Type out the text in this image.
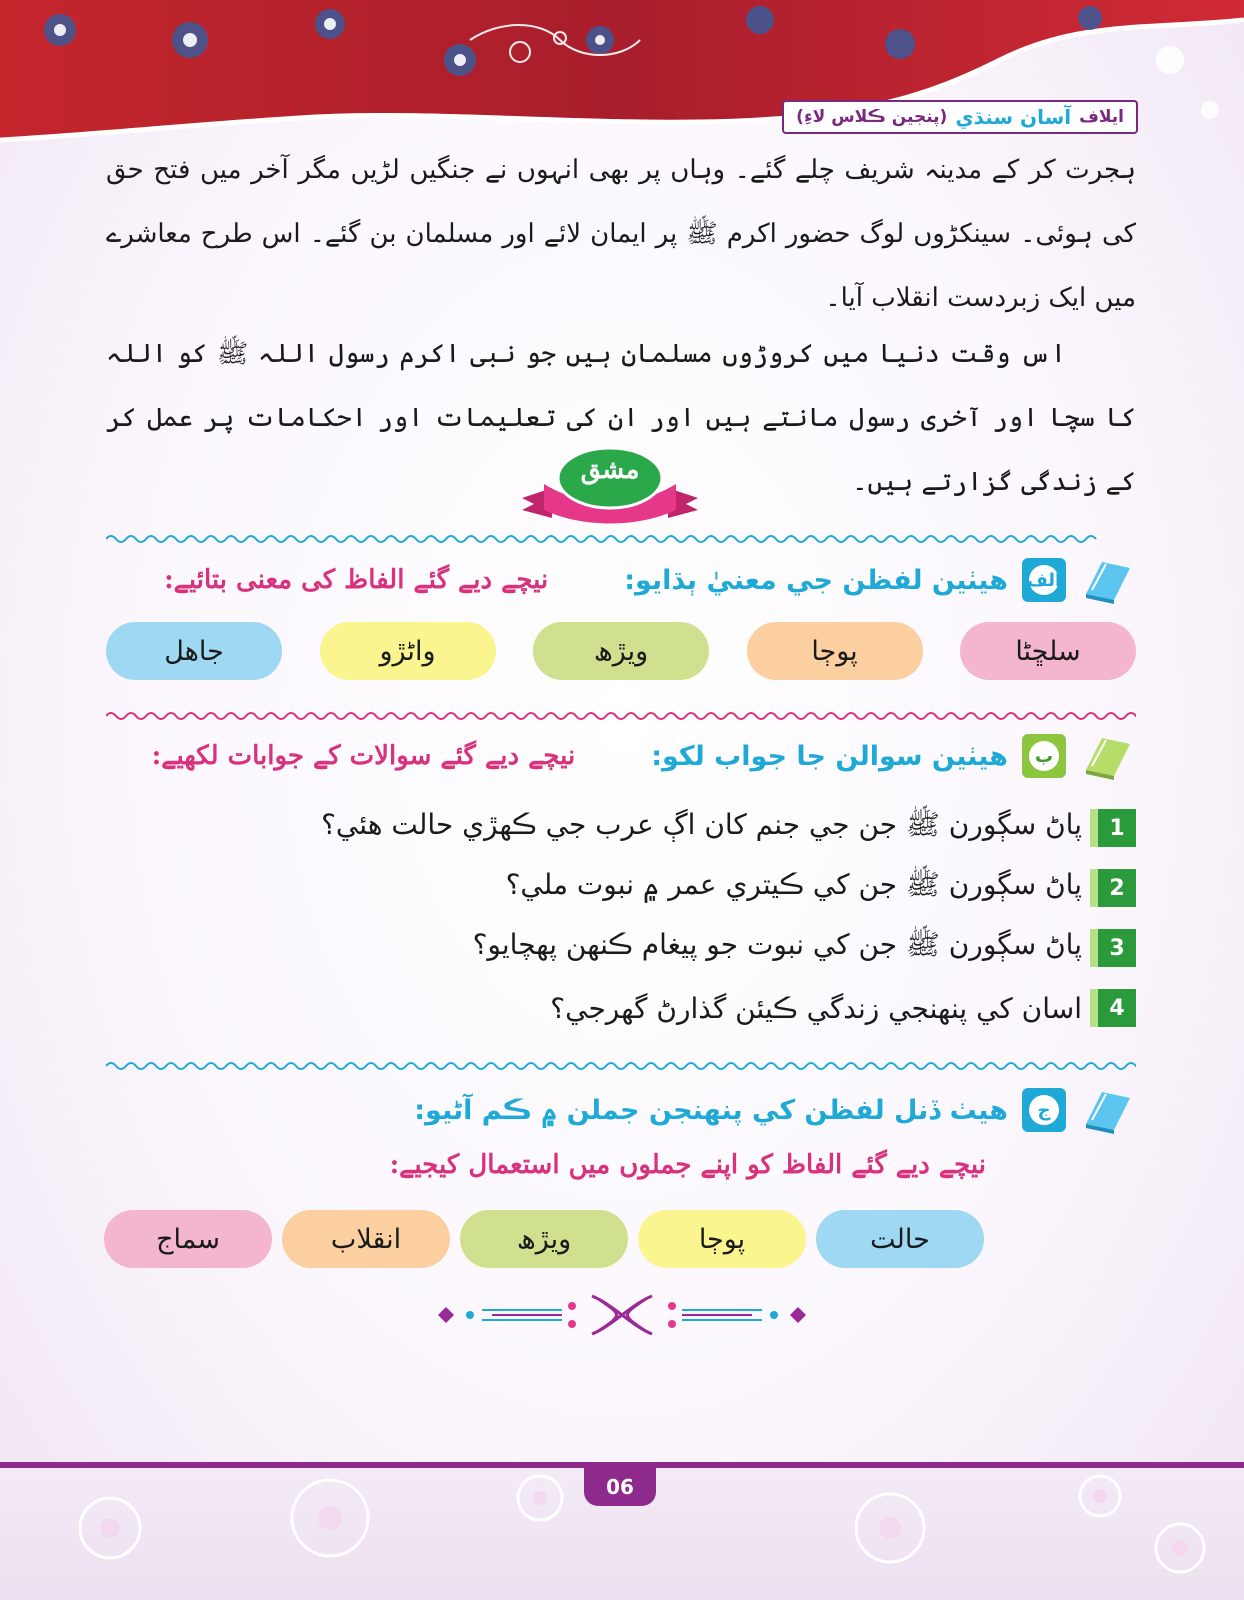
ايلاف
آسان سنڌي
(پنجين ڪلاس لاءِ)
ہجرت کر کے مدینہ شریف چلے گئے۔ وہاں پر بھی انہوں نے جنگیں لڑیں مگر آخر میں فتح حق کی ہوئی۔ سینکڑوں لوگ حضور اکرم ﷺ پر ایمان لائے اور مسلمان بن گئے۔ اس طرح معاشرے میں ایک زبردست انقلاب آیا۔
اس وقت دنیا میں کروڑوں مسلمان ہیں جو نبی اکرم رسول اللہ ﷺ کو اللہ کا سچا اور آخری رسول مانتے ہیں اور ان کی تعلیمات اور احکامات پر عمل کر کے زندگی گزارتے ہیں۔
مشق
الف
هيٺين لفظن جي معنيٰ ٻڌايو:
نیچے دیے گئے الفاظ کی معنی بتائیے:
سلڇڻا
پوڄا
ويڙھ
واڻڙو
جاھل
ب
هيٺين سوالن جا جواب لکو:
نیچے دیے گئے سوالات کے جوابات لکھیے:
1
پاڻ سڳورن ﷺ جن جي جنم کان اڳ عرب جي ڪھڙي حالت ھئي؟
2
پاڻ سڳورن ﷺ جن کي ڪيتري عمر ۾ نبوت ملي؟
3
پاڻ سڳورن ﷺ جن کي نبوت جو پيغام ڪنھن پھچايو؟
4
اسان کي پنھنجي زندگي ڪيئن گذارڻ گھرجي؟
ج
ھيٺ ڏنل لفظن کي پنھنجن جملن ۾ ڪم آڻيو:
نیچے دیے گئے الفاظ کو اپنے جملوں میں استعمال کیجیے:
حالت
پوڄا
ويڙھ
انقلاب
سماج
06
